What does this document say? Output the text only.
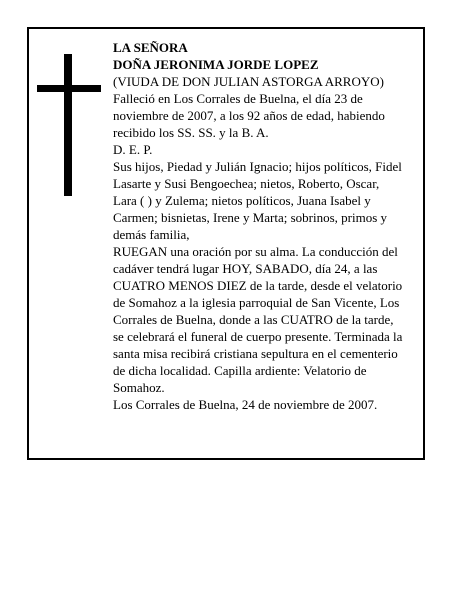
LA SEÑORA
DOÑA JERONIMA JORDE LOPEZ
(VIUDA DE DON JULIAN ASTORGA ARROYO)
Falleció en Los Corrales de Buelna, el día 23 de
noviembre de 2007, a los 92 años de edad, habiendo
recibido los SS. SS. y la B. A.
D. E. P.
Sus hijos, Piedad y Julián Ignacio; hijos políticos, Fidel
Lasarte y Susi Bengoechea; nietos, Roberto, Oscar,
Lara ( ) y Zulema; nietos políticos, Juana Isabel y
Carmen; bisnietas, Irene y Marta; sobrinos, primos y
demás familia,
RUEGAN una oración por su alma. La conducción del
cadáver tendrá lugar HOY, SABADO, día 24, a las
CUATRO MENOS DIEZ de la tarde, desde el velatorio
de Somahoz a la iglesia parroquial de San Vicente, Los
Corrales de Buelna, donde a las CUATRO de la tarde,
se celebrará el funeral de cuerpo presente. Terminada la
santa misa recibirá cristiana sepultura en el cementerio
de dicha localidad. Capilla ardiente: Velatorio de
Somahoz.
Los Corrales de Buelna, 24 de noviembre de 2007.
